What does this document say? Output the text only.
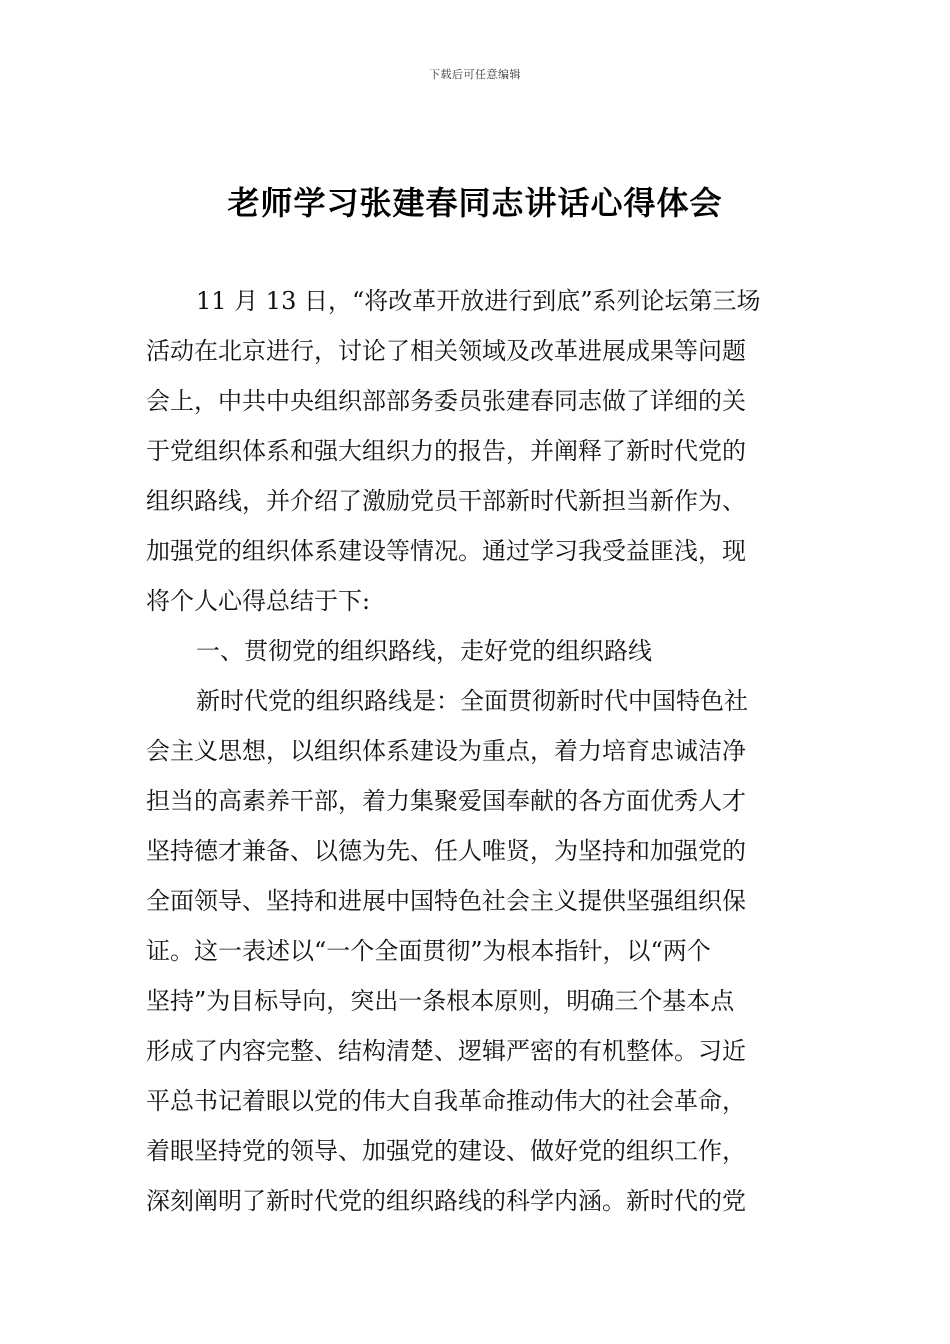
下载后可任意编辑
老师学习张建春同志讲话心得体会
11 月 13 日，“将改革开放进行到底”系列论坛第三场
活动在北京进行，讨论了相关领域及改革进展成果等问题
会上，中共中央组织部部务委员张建春同志做了详细的关
于党组织体系和强大组织力的报告，并阐释了新时代党的
组织路线，并介绍了激励党员干部新时代新担当新作为、
加强党的组织体系建设等情况。通过学习我受益匪浅，现
将个人心得总结于下:
一、贯彻党的组织路线，走好党的组织路线
新时代党的组织路线是：全面贯彻新时代中国特色社
会主义思想，以组织体系建设为重点，着力培育忠诚洁净
担当的高素养干部，着力集聚爱国奉献的各方面优秀人才
坚持德才兼备、以德为先、任人唯贤，为坚持和加强党的
全面领导、坚持和进展中国特色社会主义提供坚强组织保
证。这一表述以“一个全面贯彻”为根本指针，以“两个
坚持”为目标导向，突出一条根本原则，明确三个基本点
形成了内容完整、结构清楚、逻辑严密的有机整体。习近
平总书记着眼以党的伟大自我革命推动伟大的社会革命，
着眼坚持党的领导、加强党的建设、做好党的组织工作，
深刻阐明了新时代党的组织路线的科学内涵。新时代的党
